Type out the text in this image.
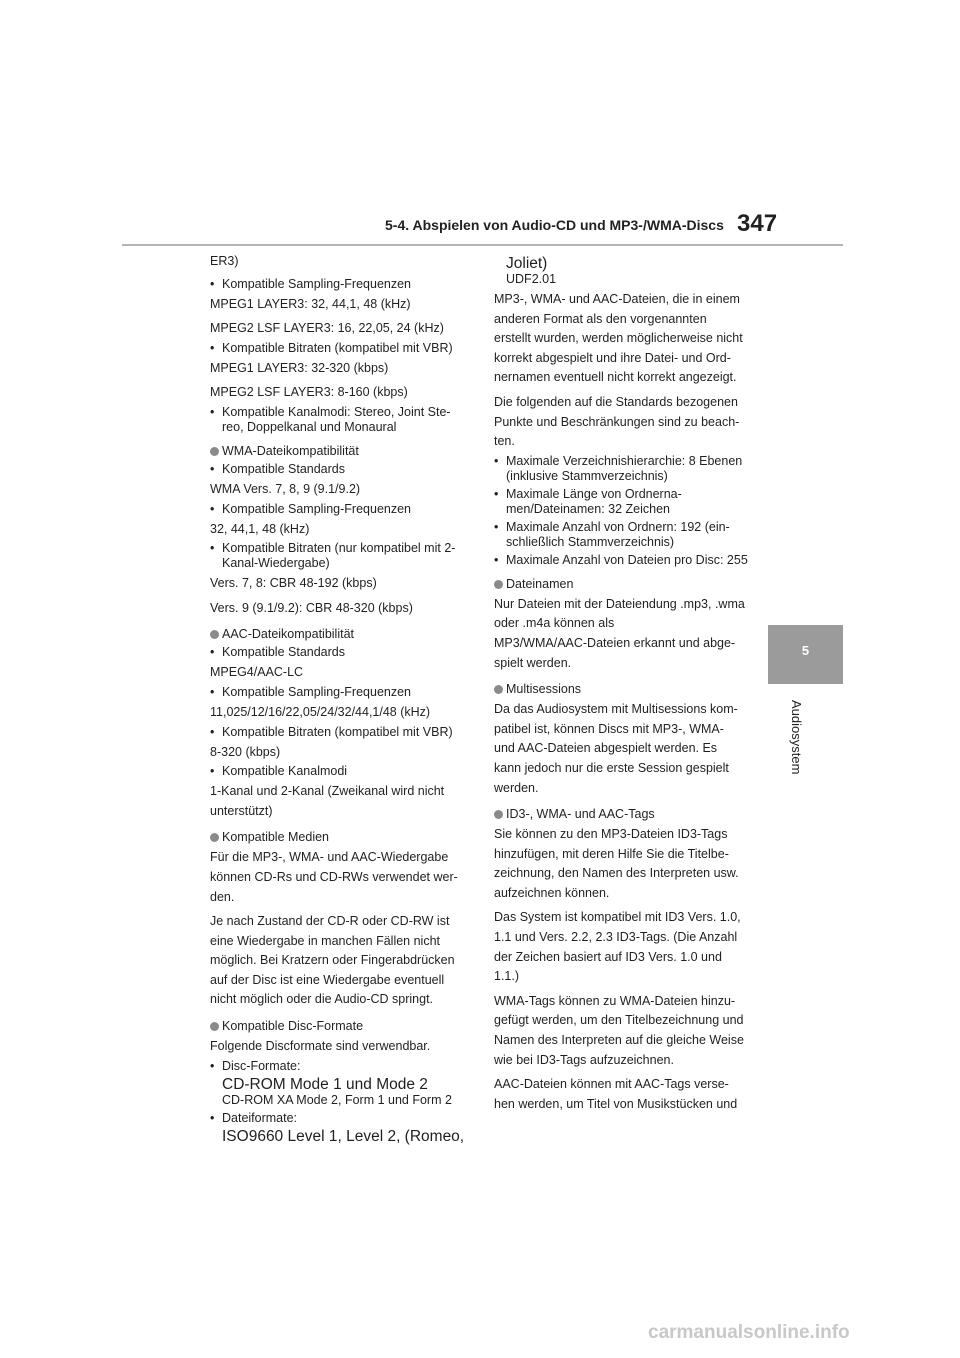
5-4. Abspielen von Audio-CD und MP3-/WMA-Discs 347
5
Audiosystem

ER3)

• Kompatible Sampling-Frequenzen

MPEG1 LAYER3: 32, 44,1, 48 (kHz)

MPEG2 LSF LAYER3: 16, 22,05, 24 (kHz)

• Kompatible Bitraten (kompatibel mit VBR)

MPEG1 LAYER3: 32-320 (kbps)

MPEG2 LSF LAYER3: 8-160 (kbps)

• Kompatible Kanalmodi: Stereo, Joint Ste-reo, Doppelkanal und Monaural
WMA-Dateikompatibilität
• Kompatible Standards

WMA Vers. 7, 8, 9 (9.1/9.2)

• Kompatible Sampling-Frequenzen

32, 44,1, 48 (kHz)

• Kompatible Bitraten (nur kompatibel mit 2-Kanal-Wiedergabe)

Vers. 7, 8: CBR 48-192 (kbps)

Vers. 9 (9.1/9.2): CBR 48-320 (kbps)

AAC-Dateikompatibilität
• Kompatible Standards

MPEG4/AAC-LC

• Kompatible Sampling-Frequenzen

11,025/12/16/22,05/24/32/44,1/48 (kHz)

• Kompatible Bitraten (kompatibel mit VBR)

8-320 (kbps)

• Kompatible Kanalmodi

1-Kanal und 2-Kanal (Zweikanal wird nicht

unterstützt)

Kompatible Medien

Für die MP3-, WMA- und AAC-Wiedergabe

können CD-Rs und CD-RWs verwendet wer-

den.

Je nach Zustand der CD-R oder CD-RW ist

eine Wiedergabe in manchen Fällen nicht

möglich. Bei Kratzern oder Fingerabdrücken

auf der Disc ist eine Wiedergabe eventuell

nicht möglich oder die Audio-CD springt.

Kompatible Disc-Formate

Folgende Discformate sind verwendbar.

• Disc-Formate:

CD-ROM Mode 1 und Mode 2

CD-ROM XA Mode 2, Form 1 und Form 2

• Dateiformate:

ISO9660 Level 1, Level 2, (Romeo,

Joliet)

UDF2.01

MP3-, WMA- und AAC-Dateien, die in einem

anderen Format als den vorgenannten

erstellt wurden, werden möglicherweise nicht

korrekt abgespielt und ihre Datei- und Ord-

nernamen eventuell nicht korrekt angezeigt.

Die folgenden auf die Standards bezogenen

Punkte und Beschränkungen sind zu beach-

ten.

• Maximale Verzeichnishierarchie: 8 Ebenen (inklusive Stammverzeichnis)
• Maximale Länge von Ordnerna-men/Dateinamen: 32 Zeichen
• Maximale Anzahl von Ordnern: 192 (ein-schließlich Stammverzeichnis)
• Maximale Anzahl von Dateien pro Disc: 255
Dateinamen

Nur Dateien mit der Dateiendung .mp3, .wma

oder .m4a können als

MP3/WMA/AAC-Dateien erkannt und abge-

spielt werden.

Multisessions

Da das Audiosystem mit Multisessions kom-

patibel ist, können Discs mit MP3-, WMA-

und AAC-Dateien abgespielt werden. Es

kann jedoch nur die erste Session gespielt

werden.

ID3-, WMA- und AAC-Tags

Sie können zu den MP3-Dateien ID3-Tags

hinzufügen, mit deren Hilfe Sie die Titelbe-

zeichnung, den Namen des Interpreten usw.

aufzeichnen können.

Das System ist kompatibel mit ID3 Vers. 1.0,

1.1 und Vers. 2.2, 2.3 ID3-Tags. (Die Anzahl

der Zeichen basiert auf ID3 Vers. 1.0 und

1.1.)

WMA-Tags können zu WMA-Dateien hinzu-

gefügt werden, um den Titelbezeichnung und

Namen des Interpreten auf die gleiche Weise

wie bei ID3-Tags aufzuzeichnen.

AAC-Dateien können mit AAC-Tags verse-

hen werden, um Titel von Musikstücken und

carmanualsonline.info
